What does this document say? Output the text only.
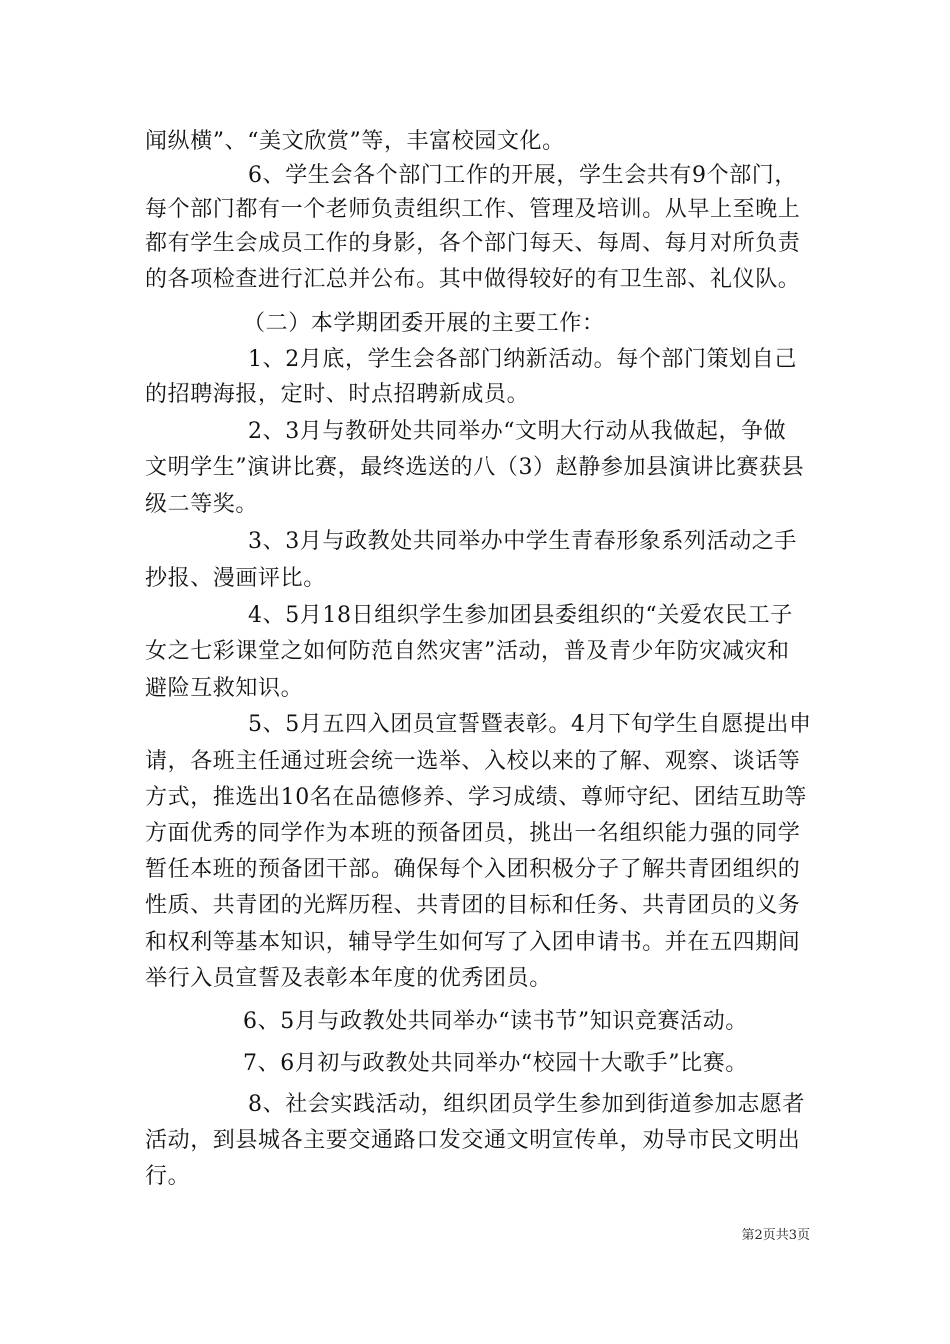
闻纵横”、“美文欣赏”等，丰富校园文化。
6、学生会各个部门工作的开展，学生会共有9个部门，
每个部门都有一个老师负责组织工作、管理及培训。从早上至晚上
都有学生会成员工作的身影，各个部门每天、每周、每月对所负责
的各项检查进行汇总并公布。其中做得较好的有卫生部、礼仪队。
（二）本学期团委开展的主要工作：
1、2月底，学生会各部门纳新活动。每个部门策划自己
的招聘海报，定时、时点招聘新成员。
2、3月与教研处共同举办“文明大行动从我做起，争做
文明学生”演讲比赛，最终选送的八（3）赵静参加县演讲比赛获县
级二等奖。
3、3月与政教处共同举办中学生青春形象系列活动之手
抄报、漫画评比。
4、5月18日组织学生参加团县委组织的“关爱农民工子
女之七彩课堂之如何防范自然灾害”活动，普及青少年防灾减灾和
避险互救知识。
5、5月五四入团员宣誓暨表彰。4月下旬学生自愿提出申
请，各班主任通过班会统一选举、入校以来的了解、观察、谈话等
方式，推选出10名在品德修养、学习成绩、尊师守纪、团结互助等
方面优秀的同学作为本班的预备团员，挑出一名组织能力强的同学
暂任本班的预备团干部。确保每个入团积极分子了解共青团组织的
性质、共青团的光辉历程、共青团的目标和任务、共青团员的义务
和权利等基本知识，辅导学生如何写了入团申请书。并在五四期间
举行入员宣誓及表彰本年度的优秀团员。
6、5月与政教处共同举办“读书节”知识竞赛活动。
7、6月初与政教处共同举办“校园十大歌手”比赛。
8、社会实践活动，组织团员学生参加到街道参加志愿者
活动，到县城各主要交通路口发交通文明宣传单，劝导市民文明出
行。
第2页共3页
